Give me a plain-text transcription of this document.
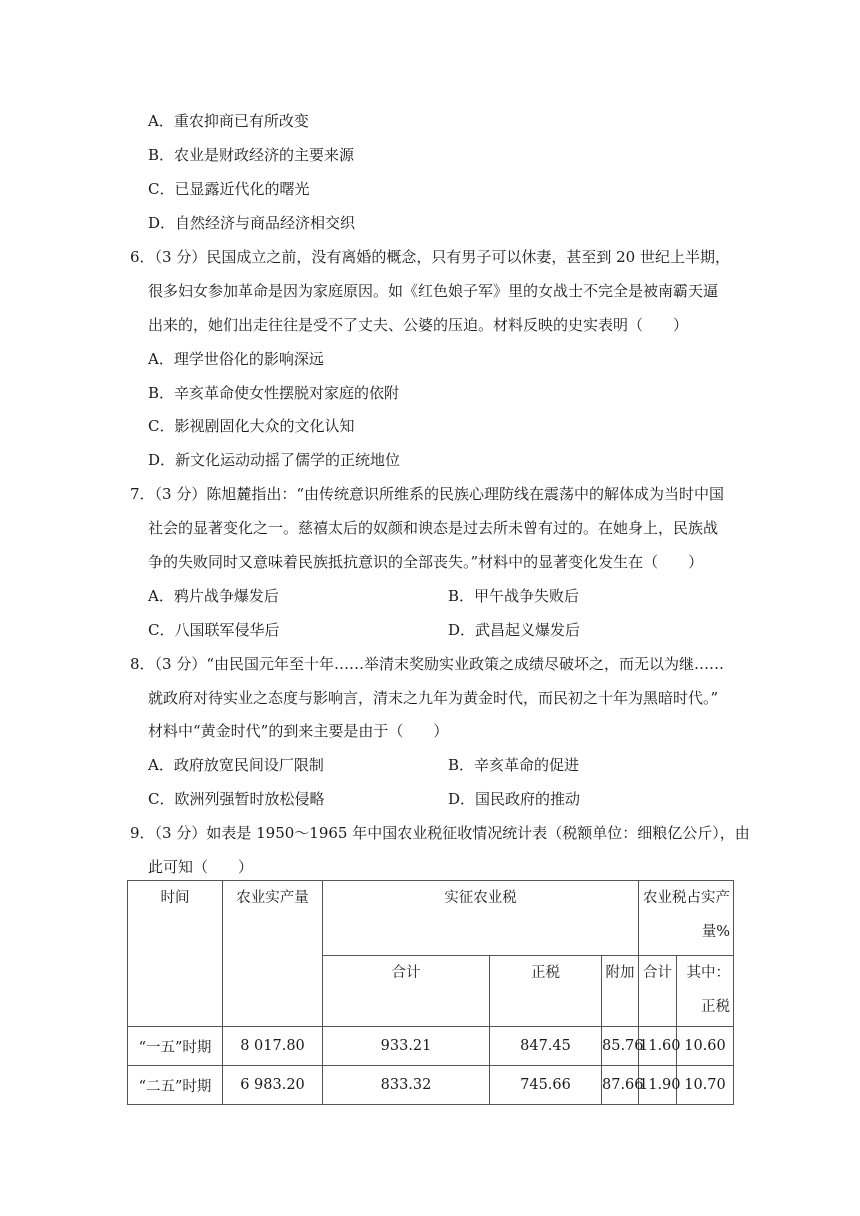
A．重农抑商已有所改变
B．农业是财政经济的主要来源
C．已显露近代化的曙光
D．自然经济与商品经济相交织
6．（3 分）民国成立之前，没有离婚的概念，只有男子可以休妻，甚至到 20 世纪上半期，
很多妇女参加革命是因为家庭原因。如《红色娘子军》里的女战士不完全是被南霸天逼
出来的，她们出走往往是受不了丈夫、公婆的压迫。材料反映的史实表明（　　）
A．理学世俗化的影响深远
B．辛亥革命使女性摆脱对家庭的依附
C．影视剧固化大众的文化认知
D．新文化运动动摇了儒学的正统地位
7．（3 分）陈旭麓指出：“由传统意识所维系的民族心理防线在震荡中的解体成为当时中国
社会的显著变化之一。慈禧太后的奴颜和谀态是过去所未曾有过的。在她身上，民族战
争的失败同时又意味着民族抵抗意识的全部丧失。”材料中的显著变化发生在（　　）
A．鸦片战争爆发后	B．甲午战争失败后
C．八国联军侵华后	D．武昌起义爆发后
8．（3 分）“由民国元年至十年……举清末奖励实业政策之成绩尽破坏之，而无以为继……
就政府对待实业之态度与影响言，清末之九年为黄金时代，而民初之十年为黑暗时代。”
材料中“黄金时代”的到来主要是由于（　　）
A．政府放宽民间设厂限制	B．辛亥革命的促进
C．欧洲列强暂时放松侵略	D．国民政府的推动
9．（3 分）如表是 1950～1965 年中国农业税征收情况统计表（税额单位：细粮亿公斤），由
此可知（　　）
时间	农业实产量	实征农业税			农业税占实产量%	

		合计	正税	附加	合计	其中：正税

“一五”时期	8 017.80	933.21	847.45	85.76	11.60	10.60
“二五”时期	6 983.20	833.32	745.66	87.66	11.90	10.70
